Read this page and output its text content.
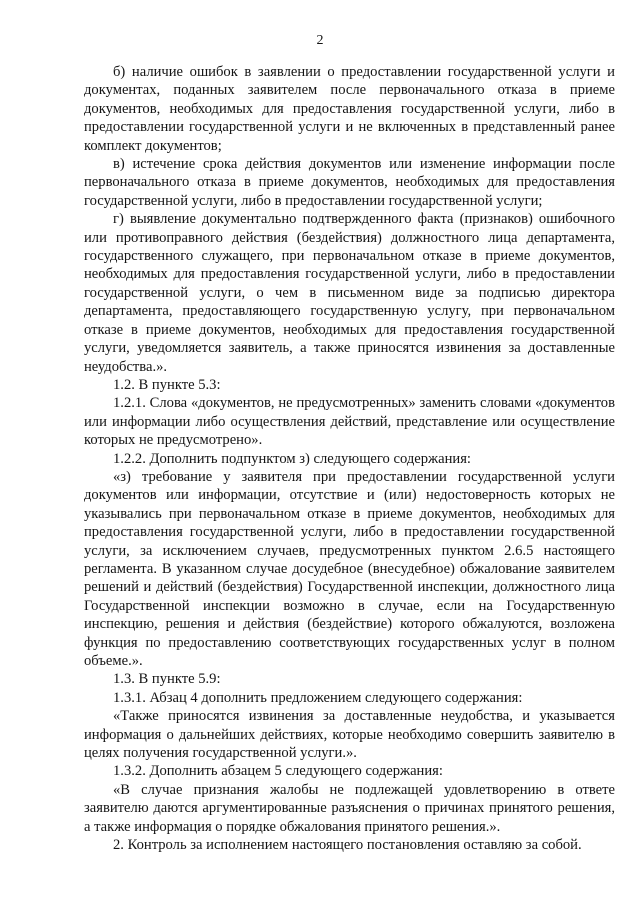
2

б) наличие ошибок в заявлении о предоставлении государственной услуги и документах, поданных заявителем после первоначального отказа в приеме документов, необходимых для предоставления государственной услуги, либо в предоставлении государственной услуги и не включенных в представленный ранее комплект документов;

в) истечение срока действия документов или изменение информации после первоначального отказа в приеме документов, необходимых для предоставления государственной услуги, либо в предоставлении государственной услуги;

г) выявление документально подтвержденного факта (признаков) ошибочного или противоправного действия (бездействия) должностного лица департамента, государственного служащего, при первоначальном отказе в приеме документов, необходимых для предоставления государственной услуги, либо в предоставлении государственной услуги, о чем в письменном виде за подписью директора департамента, предоставляющего государственную услугу, при первоначальном отказе в приеме документов, необходимых для предоставления государственной услуги, уведомляется заявитель, а также приносятся извинения за доставленные неудобства.».

1.2. В пункте 5.3:

1.2.1. Слова «документов, не предусмотренных» заменить словами «документов или информации либо осуществления действий, представление или осуществление которых не предусмотрено».

1.2.2. Дополнить подпунктом з) следующего содержания:

«з) требование у заявителя при предоставлении государственной услуги документов или информации, отсутствие и (или) недостоверность которых не указывались при первоначальном отказе в приеме документов, необходимых для предоставления государственной услуги, либо в предоставлении государственной услуги, за исключением случаев, предусмотренных пунктом 2.6.5 настоящего регламента. В указанном случае досудебное (внесудебное) обжалование заявителем решений и действий (бездействия) Государственной инспекции, должностного лица Государственной инспекции возможно в случае, если на Государственную инспекцию, решения и действия (бездействие) которого обжалуются, возложена функция по предоставлению соответствующих государственных услуг в полном объеме.».

1.3. В пункте 5.9:

1.3.1. Абзац 4 дополнить предложением следующего содержания:

«Также приносятся извинения за доставленные неудобства, и указывается информация о дальнейших действиях, которые необходимо совершить заявителю в целях получения государственной услуги.».

1.3.2. Дополнить абзацем 5 следующего содержания:

«В случае признания жалобы не подлежащей удовлетворению в ответе заявителю даются аргументированные разъяснения о причинах принятого решения, а также информация о порядке обжалования принятого решения.».

2. Контроль за исполнением настоящего постановления оставляю за собой.
